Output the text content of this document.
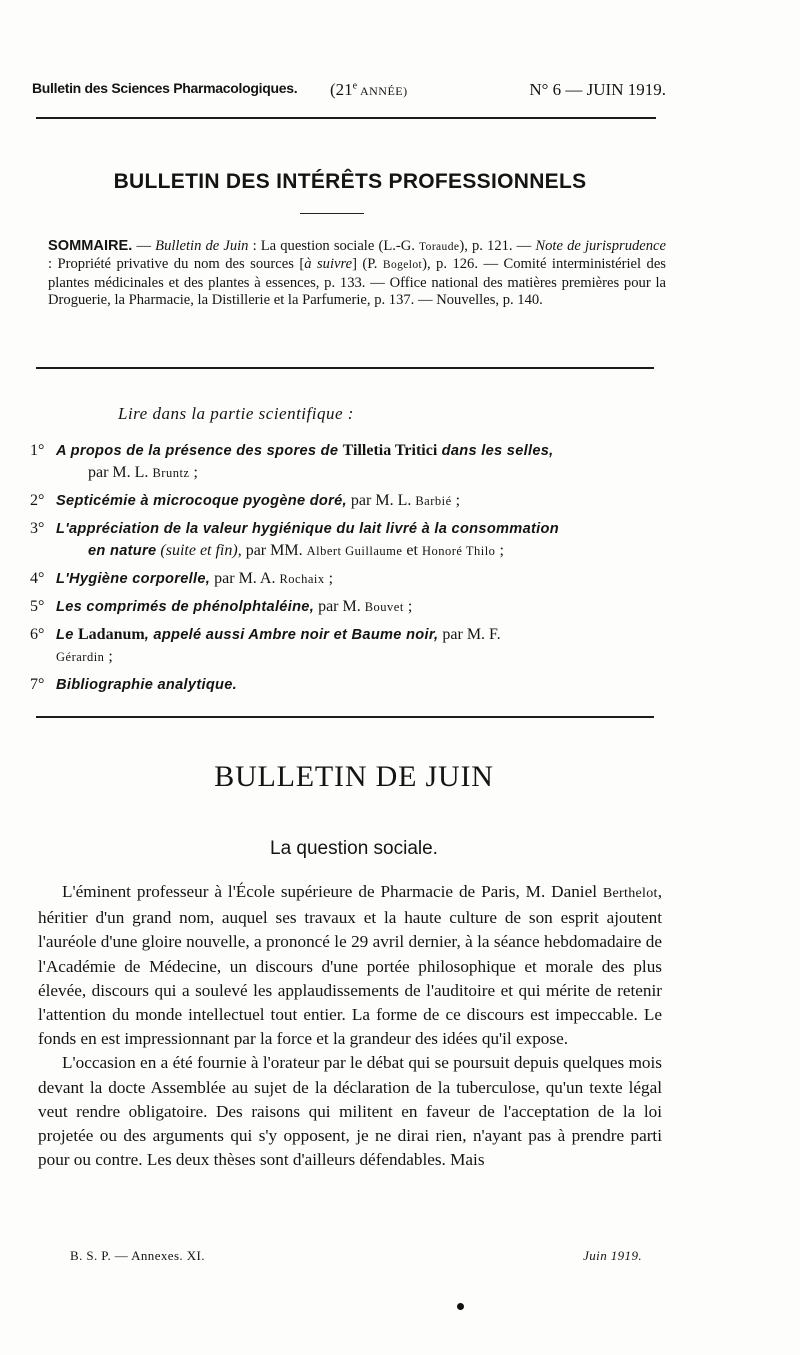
Bulletin des Sciences Pharmacologiques. (21e ANNÉE)	N° 6 — JUIN 1919.
BULLETIN DES INTÉRÊTS PROFESSIONNELS
SOMMAIRE. — Bulletin de Juin : La question sociale (L.-G. Toraude), p. 121. — Note de jurisprudence : Propriété privative du nom des sources [à suivre] (P. Bogelot), p. 126. — Comité interministériel des plantes médicinales et des plantes à essences, p. 133. — Office national des matières premières pour la Droguerie, la Pharmacie, la Distillerie et la Parfumerie, p. 137. — Nouvelles, p. 140.
Lire dans la partie scientifique :
1° A propos de la présence des spores de Tilletia Tritici dans les selles,
par M. L. Bruntz ;
2° Septicémie à microcoque pyogène doré, par M. L. Barbié ;
3° L'appréciation de la valeur hygiénique du lait livré à la consommation
en nature (suite et fin), par MM. Albert Guillaume et Honoré Thilo ;
4° L'Hygiène corporelle, par M. A. Rochaix ;
5° Les comprimés de phénolphtaléine, par M. Bouvet ;
6° Le Ladanum, appelé aussi Ambre noir et Baume noir, par M. F.
Gérardin ;
7° Bibliographie analytique.
BULLETIN DE JUIN
La question sociale.

L'éminent professeur à l'École supérieure de Pharmacie de Paris, M. Daniel Berthelot, héritier d'un grand nom, auquel ses travaux et la haute culture de son esprit ajoutent l'auréole d'une gloire nouvelle, a prononcé le 29 avril dernier, à la séance hebdomadaire de l'Académie de Médecine, un discours d'une portée philosophique et morale des plus élevée, discours qui a soulevé les applaudissements de l'auditoire et qui mérite de retenir l'attention du monde intellectuel tout entier. La forme de ce discours est impeccable. Le fonds en est impressionnant par la force et la grandeur des idées qu'il expose.

L'occasion en a été fournie à l'orateur par le débat qui se poursuit depuis quelques mois devant la docte Assemblée au sujet de la déclaration de la tuberculose, qu'un texte légal veut rendre obligatoire. Des raisons qui militent en faveur de l'acceptation de la loi projetée ou des arguments qui s'y opposent, je ne dirai rien, n'ayant pas à prendre parti pour ou contre. Les deux thèses sont d'ailleurs défendables. Mais

B. S. P. — Annexes. XI.	Juin 1919.
